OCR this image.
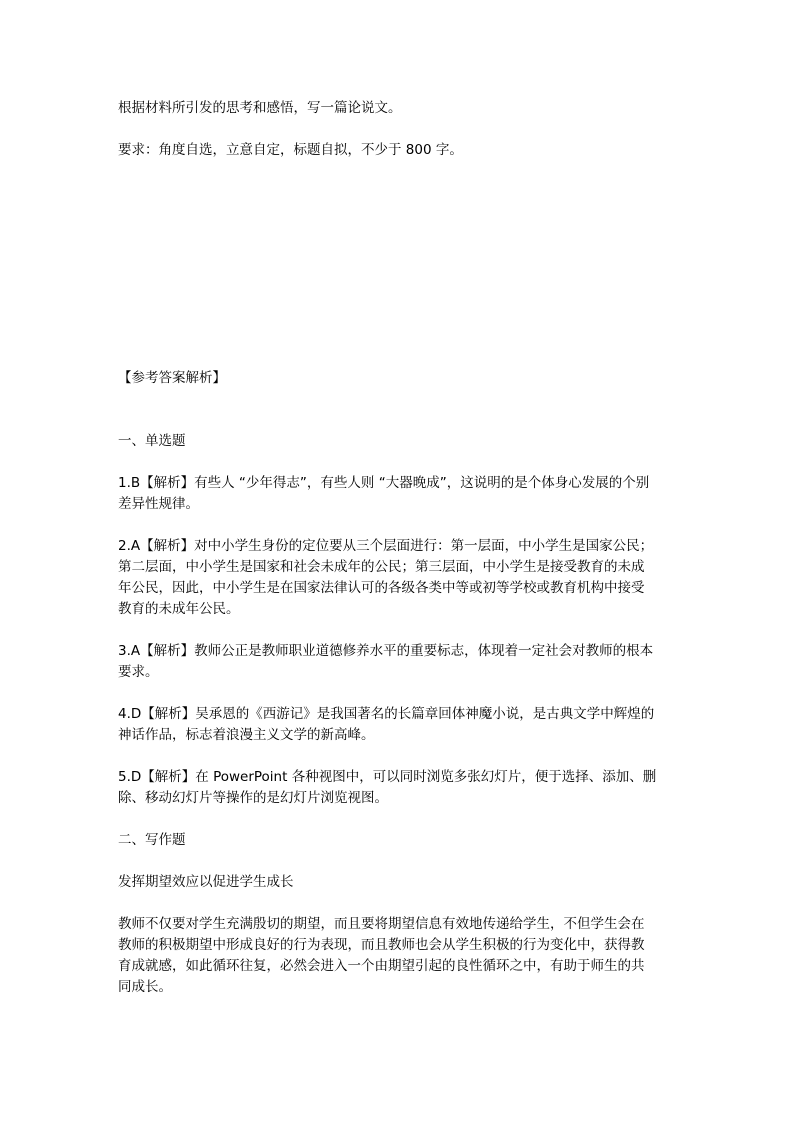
根据材料所引发的思考和感悟，写一篇论说文。
要求：角度自选，立意自定，标题自拟，不少于 800 字。
【参考答案解析】
一、单选题
1.B【解析】有些人 “少年得志”，有些人则 “大器晚成”，这说明的是个体身心发展的个别
差异性规律。
2.A【解析】对中小学生身份的定位要从三个层面进行：第一层面，中小学生是国家公民；
第二层面，中小学生是国家和社会未成年的公民；第三层面，中小学生是接受教育的未成
年公民，因此，中小学生是在国家法律认可的各级各类中等或初等学校或教育机构中接受
教育的未成年公民。
3.A【解析】教师公正是教师职业道德修养水平的重要标志，体现着一定社会对教师的根本
要求。
4.D【解析】吴承恩的《西游记》是我国著名的长篇章回体神魔小说，是古典文学中辉煌的
神话作品，标志着浪漫主义文学的新高峰。
5.D【解析】在 PowerPoint 各种视图中，可以同时浏览多张幻灯片，便于选择、添加、删
除、移动幻灯片等操作的是幻灯片浏览视图。
二、写作题
发挥期望效应以促进学生成长
教师不仅要对学生充满殷切的期望，而且要将期望信息有效地传递给学生，不但学生会在
教师的积极期望中形成良好的行为表现，而且教师也会从学生积极的行为变化中，获得教
育成就感，如此循环往复，必然会进入一个由期望引起的良性循环之中，有助于师生的共
同成长。
